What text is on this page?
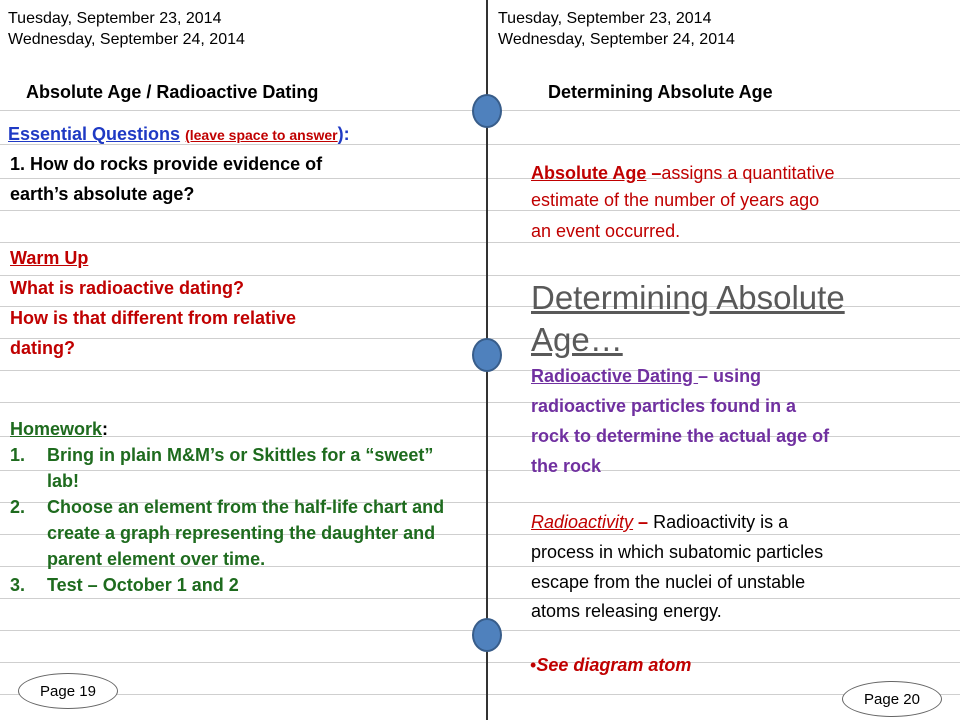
Tuesday, September 23, 2014
Wednesday, September 24, 2014
Absolute Age / Radioactive Dating
Essential Questions (leave space to answer):
1. How do rocks provide evidence of
earth’s absolute age?
Warm Up
What is radioactive dating?
How is that different from relative
dating?
Homework:
1. Bring in plain M&M’s or Skittles for a “sweet” lab!
2. Choose an element from the half-life chart and create a graph representing the daughter and parent element over time.
3. Test – October 1 and 2
Page 19
Tuesday, September 23, 2014
Wednesday, September 24, 2014
Determining Absolute Age
Absolute Age –assigns a quantitative
estimate of the number of years ago
an event occurred.
Determining Absolute
Age…
Radioactive Dating – using
radioactive particles found in a
rock to determine the actual age of
the rock
Radioactivity – Radioactivity is a
process in which subatomic particles
escape from the nuclei of unstable
atoms releasing energy.
•See diagram atom
Page 20
